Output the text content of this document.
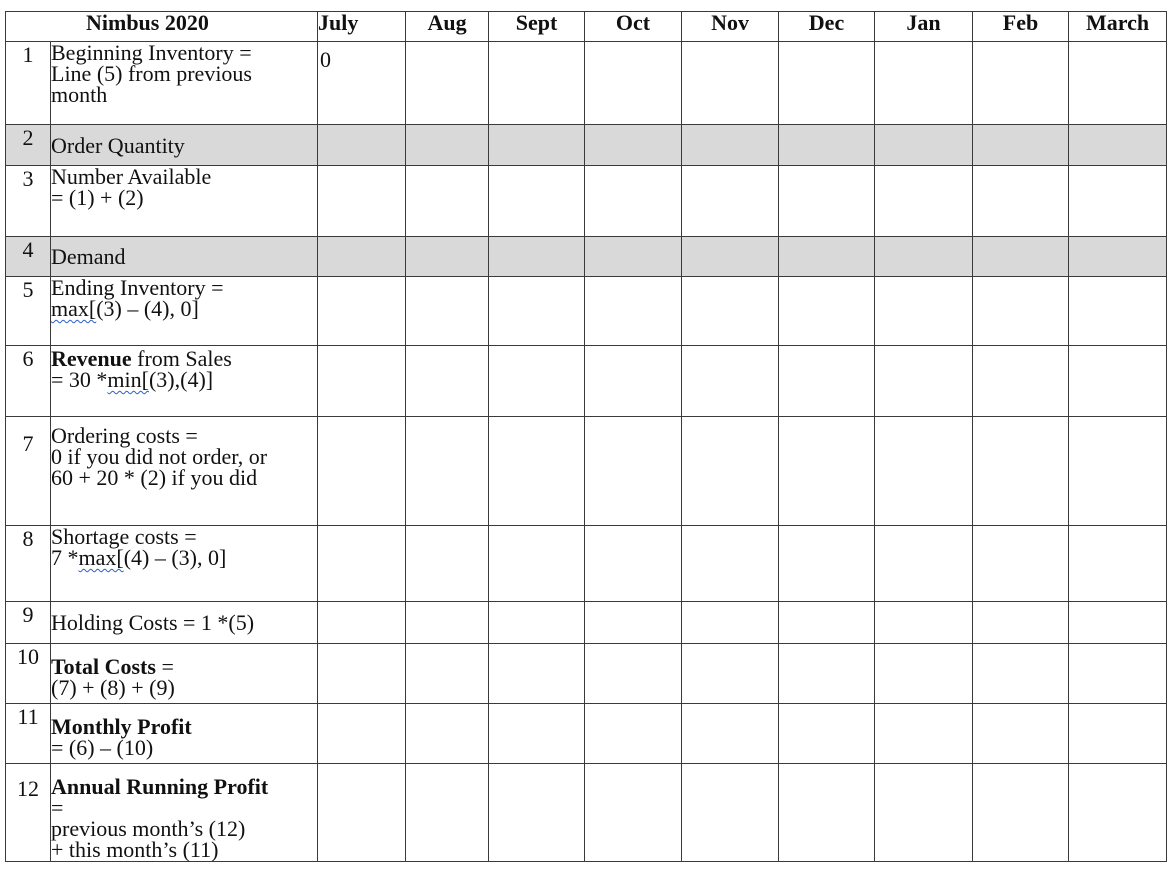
Nimbus 2020		July	Aug	Sept	Oct	Nov	Dec	Jan	Feb	March
1	Beginning Inventory =
Line (5) from previous
month	0								

2	Order Quantity									

3	Number Available
= (1) + (2)									

4	Demand									

5	Ending Inventory =
max[(3) – (4), 0]									

6	Revenue from Sales
= 30 *min[(3),(4)]									

7	Ordering costs =
0 if you did not order, or
60 + 20 * (2) if you did									

8	Shortage costs =
7 *max[(4) – (3), 0]									

9	Holding Costs = 1 *(5)									

10	Total Costs =
(7) + (8) + (9)									

11	Monthly Profit
= (6) – (10)									

12	Annual Running Profit
=
previous month’s (12)
+ this month’s (11)									
